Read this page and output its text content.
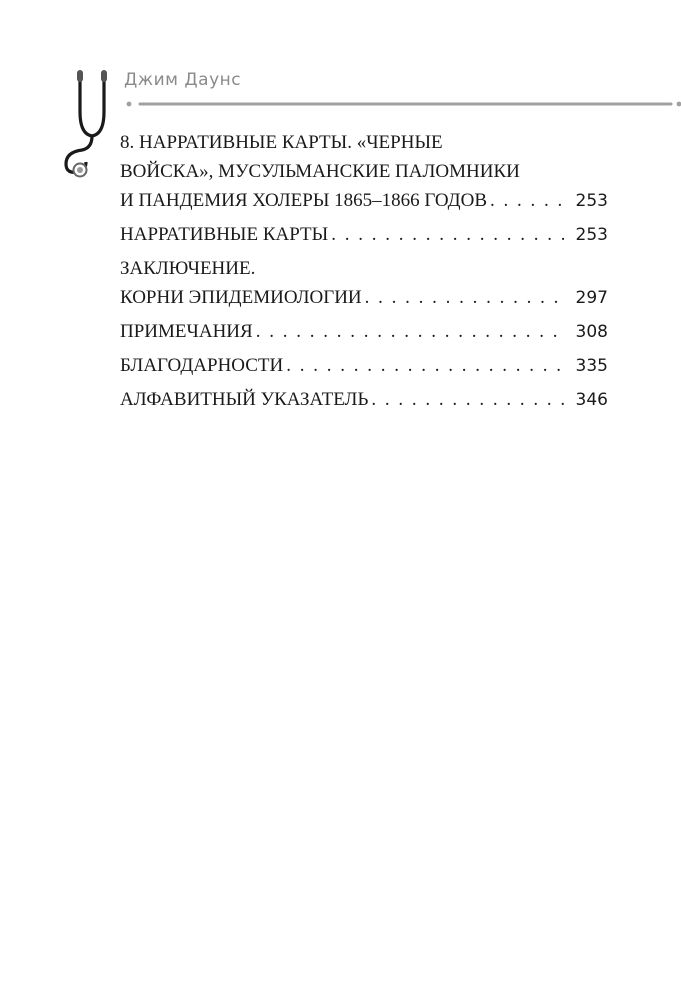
Джим Даунс
8. НАРРАТИВНЫЕ КАРТЫ. «ЧЕРНЫЕ
ВОЙСКА», МУСУЛЬМАНСКИЕ ПАЛОМНИКИ
И ПАНДЕМИЯ ХОЛЕРЫ 1865–1866 ГОДОВ . . .	253
НАРРАТИВНЫЕ КАРТЫ . . .	253
ЗАКЛЮЧЕНИЕ.
КОРНИ ЭПИДЕМИОЛОГИИ . . .	297
ПРИМЕЧАНИЯ . . .	308
БЛАГОДАРНОСТИ . . .	335
АЛФАВИТНЫЙ УКАЗАТЕЛЬ . . .	346
